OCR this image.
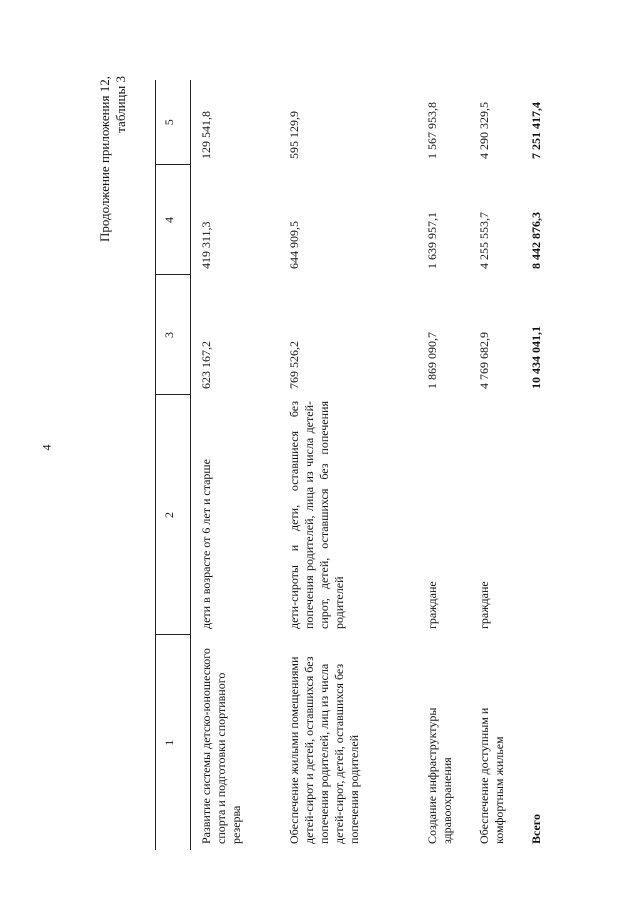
4
Продолжение приложения 12, таблицы 3
1	2	3	4	5
Развитие системы детско-юношеского спорта и подготовки спортивного резерва	дети в возрасте от 6 лет и старше	623 167,2	419 311,3	129 541,8
Обеспечение жилыми помещениями детей-сирот и детей, оставшихся без попечения родителей, лиц из числа детей-сирот, детей, оставшихся без попечения родителей	дети-сироты и дети, оставшиеся без попечения родителей, лица из числа детей-сирот, детей, оставшихся без попечения родителей	769 526,2	644 909,5	595 129,9
Создание инфраструктуры здравоохранения	граждане	1 869 090,7	1 639 957,1	1 567 953,8
Обеспечение доступным и комфортным жильем	граждане	4 769 682,9	4 255 553,7	4 290 329,5
Всего		10 434 041,1	8 442 876,3	7 251 417,4
